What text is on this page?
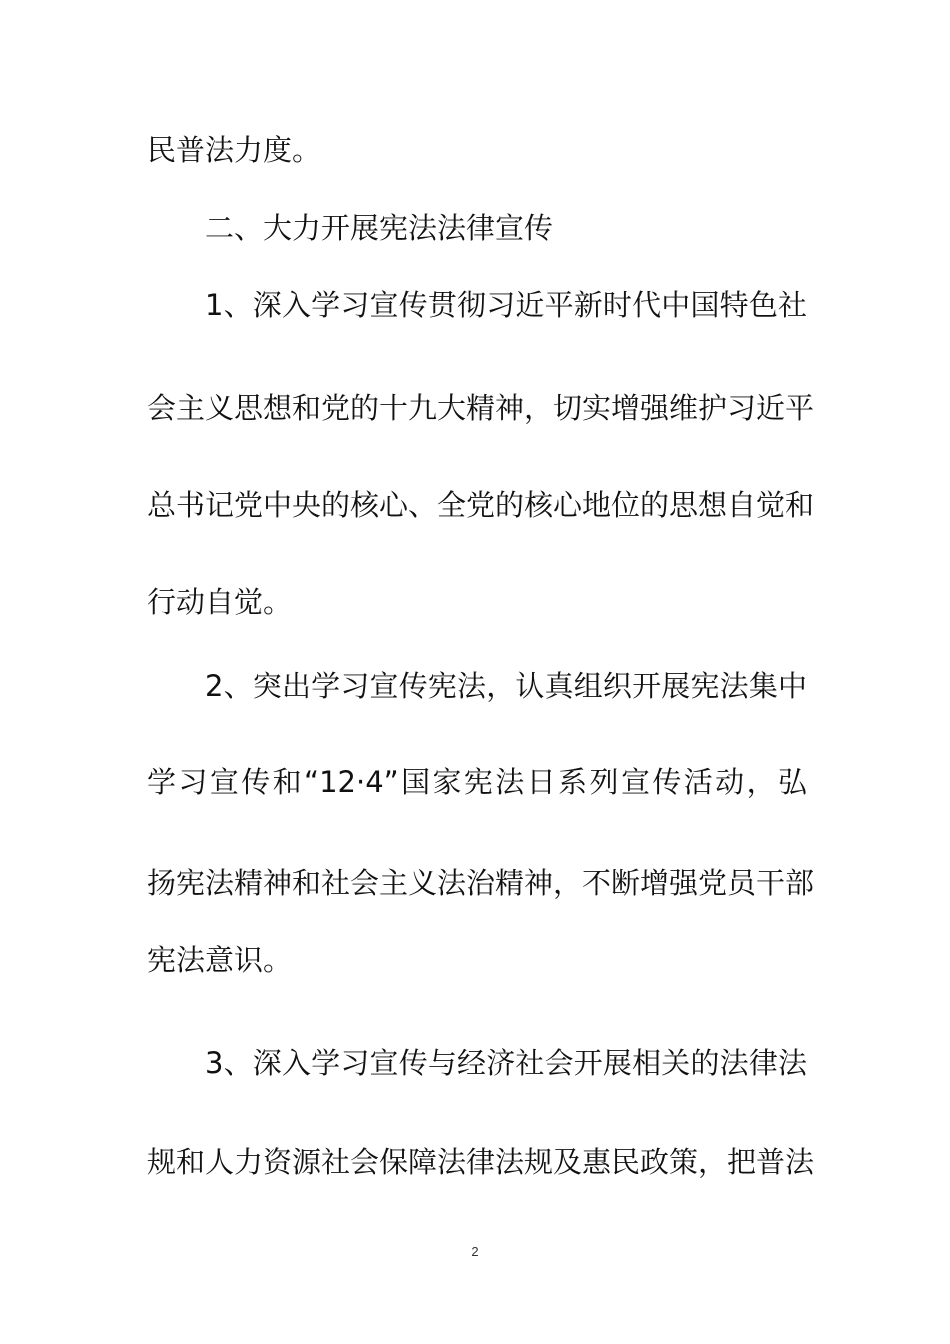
民普法力度。
二、大力开展宪法法律宣传
1、深入学习宣传贯彻习近平新时代中国特色社
会主义思想和党的十九大精神，切实增强维护习近平
总书记党中央的核心、全党的核心地位的思想自觉和
行动自觉。
2、突出学习宣传宪法，认真组织开展宪法集中
学习宣传和“12·4”国家宪法日系列宣传活动，弘
扬宪法精神和社会主义法治精神，不断增强党员干部
宪法意识。
3、深入学习宣传与经济社会开展相关的法律法
规和人力资源社会保障法律法规及惠民政策，把普法
2
